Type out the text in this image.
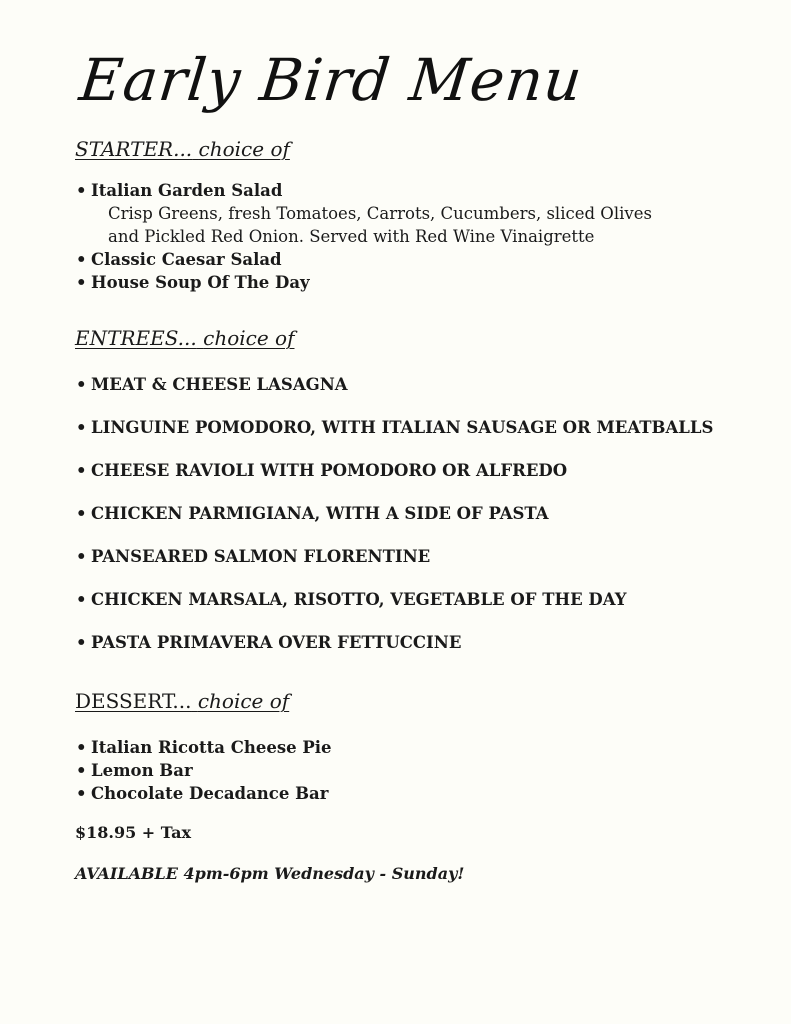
Early Bird Menu
STARTER... choice of
• Italian Garden Salad
Crisp Greens, fresh Tomatoes, Carrots, Cucumbers, sliced Olives
and Pickled Red Onion. Served with Red Wine Vinaigrette
• Classic Caesar Salad
• House Soup Of The Day
ENTREES... choice of
• MEAT & CHEESE LASAGNA
• LINGUINE POMODORO, WITH ITALIAN SAUSAGE OR MEATBALLS
• CHEESE RAVIOLI WITH POMODORO OR ALFREDO
• CHICKEN PARMIGIANA, WITH A SIDE OF PASTA
• PANSEARED SALMON FLORENTINE
• CHICKEN MARSALA, RISOTTO, VEGETABLE OF THE DAY
• PASTA PRIMAVERA OVER FETTUCCINE
DESSERT... choice of
• Italian Ricotta Cheese Pie
• Lemon Bar
• Chocolate Decadance Bar
$18.95 + Tax
AVAILABLE 4pm-6pm Wednesday - Sunday!
